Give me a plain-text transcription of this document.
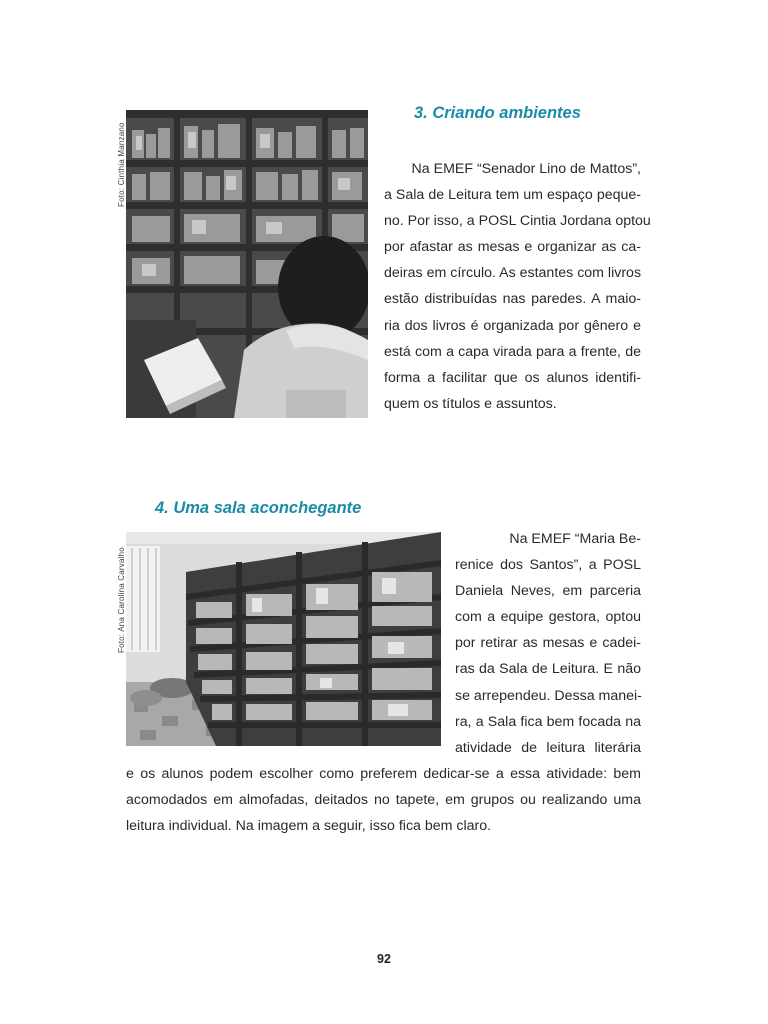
Foto: Cinthia Manzano
3. Criando ambientes
Na EMEF “Senador Lino de Mattos”,
a Sala de Leitura tem um espaço peque-
no. Por isso, a POSL Cintia Jordana optou
por afastar as mesas e organizar as ca-
deiras em círculo. As estantes com livros
estão distribuídas nas paredes. A maio-
ria dos livros é organizada por gênero e
está com a capa virada para a frente, de
forma a facilitar que os alunos identifi-
quem os títulos e assuntos.
4. Uma sala aconchegante
Foto: Ana Carolina Carvalho
Na EMEF “Maria Be-
renice dos Santos”, a POSL
Daniela Neves, em parceria
com a equipe gestora, optou
por retirar as mesas e cadei-
ras da Sala de Leitura. E não
se arrependeu. Dessa manei-
ra, a Sala fica bem focada na
atividade de leitura literária
e os alunos podem escolher como preferem dedicar-se a essa atividade: bem
acomodados em almofadas, deitados no tapete, em grupos ou realizando uma
leitura individual. Na imagem a seguir, isso fica bem claro.
92
